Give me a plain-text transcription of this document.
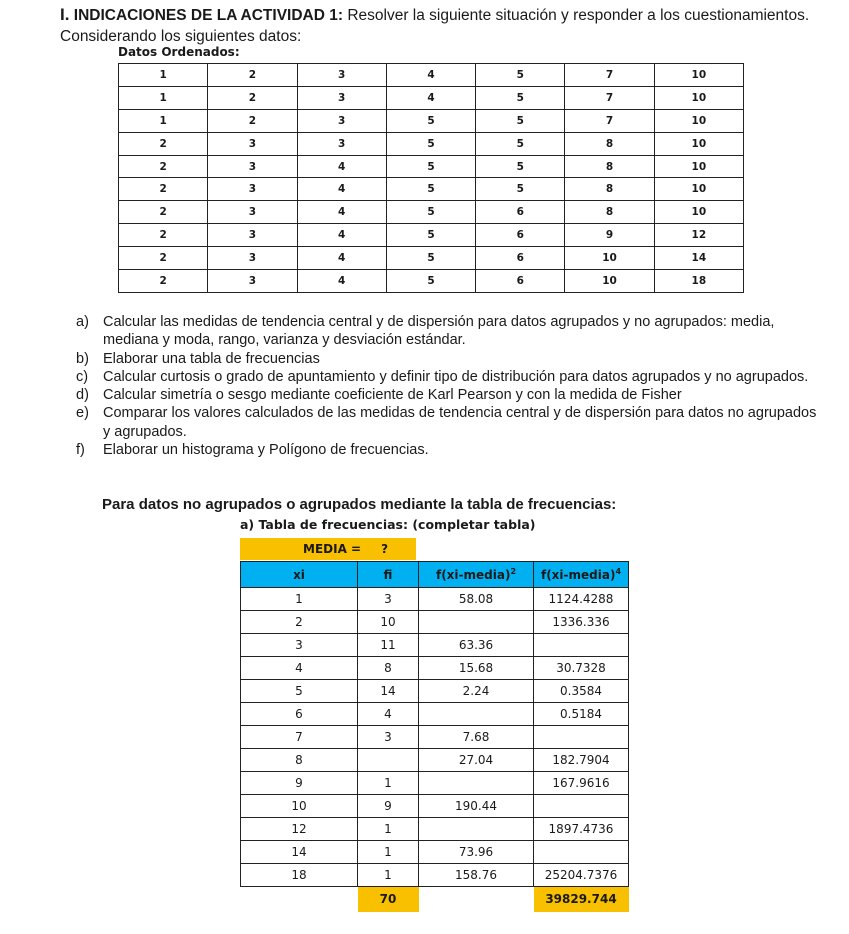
I. INDICACIONES DE LA ACTIVIDAD 1: Resolver la siguiente situación y responder a los cuestionamientos. Considerando los siguientes datos:
Datos Ordenados:
1	2	3	4	5	7	10
1	2	3	4	5	7	10
1	2	3	5	5	7	10
2	3	3	5	5	8	10
2	3	4	5	5	8	10
2	3	4	5	5	8	10
2	3	4	5	6	8	10
2	3	4	5	6	9	12
2	3	4	5	6	10	14
2	3	4	5	6	10	18
a) Calcular las medidas de tendencia central y de dispersión para datos agrupados y no agrupados: media, mediana y moda, rango, varianza y desviación estándar.
b) Elaborar una tabla de frecuencias
c)	Calcular curtosis o grado de apuntamiento y definir tipo de distribución para datos agrupados y no agrupados.
d) Calcular simetría o sesgo mediante coeficiente de Karl Pearson y con la medida de Fisher
e) Comparar los valores calculados de las medidas de tendencia central y de dispersión para datos no agrupados y agrupados.
f)	Elaborar un histograma y Polígono de frecuencias.
Para datos no agrupados o agrupados mediante la tabla de frecuencias:
a) Tabla de frecuencias: (completar tabla)
MEDIA = ?
xi	fi	f(xi-media)$^2$	f(xi-media)$^4$
1	3	58.08	1124.4288
2	10		1336.336
3	11	63.36	
4	8	15.68	30.7328
5	14	2.24	0.3584
6	4		0.5184
7	3	7.68	
8		27.04	182.7904
9	1		167.9616
10	9	190.44	
12	1		1897.4736
14	1	73.96	
18	1	158.76	25204.7376
	70		39829.744
